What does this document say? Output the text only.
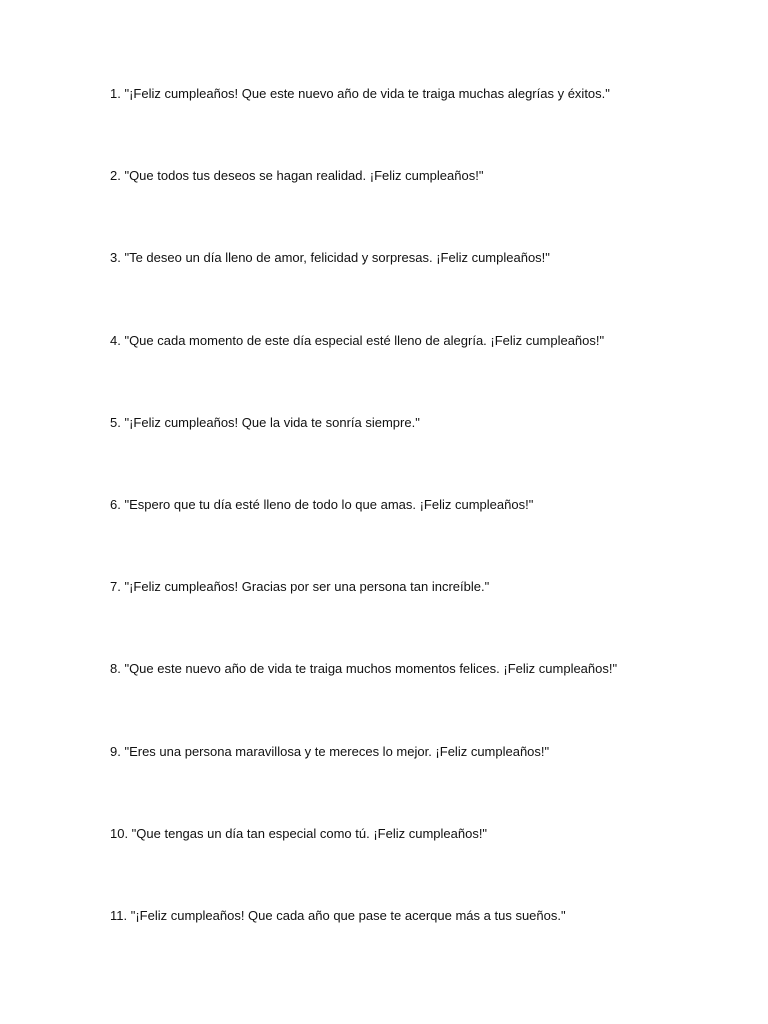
1. "¡Feliz cumpleaños! Que este nuevo año de vida te traiga muchas alegrías y éxitos."
2. "Que todos tus deseos se hagan realidad. ¡Feliz cumpleaños!"
3. "Te deseo un día lleno de amor, felicidad y sorpresas. ¡Feliz cumpleaños!"
4. "Que cada momento de este día especial esté lleno de alegría. ¡Feliz cumpleaños!"
5. "¡Feliz cumpleaños! Que la vida te sonría siempre."
6. "Espero que tu día esté lleno de todo lo que amas. ¡Feliz cumpleaños!"
7. "¡Feliz cumpleaños! Gracias por ser una persona tan increíble."
8. "Que este nuevo año de vida te traiga muchos momentos felices. ¡Feliz cumpleaños!"
9. "Eres una persona maravillosa y te mereces lo mejor. ¡Feliz cumpleaños!"
10. "Que tengas un día tan especial como tú. ¡Feliz cumpleaños!"
11. "¡Feliz cumpleaños! Que cada año que pase te acerque más a tus sueños."
